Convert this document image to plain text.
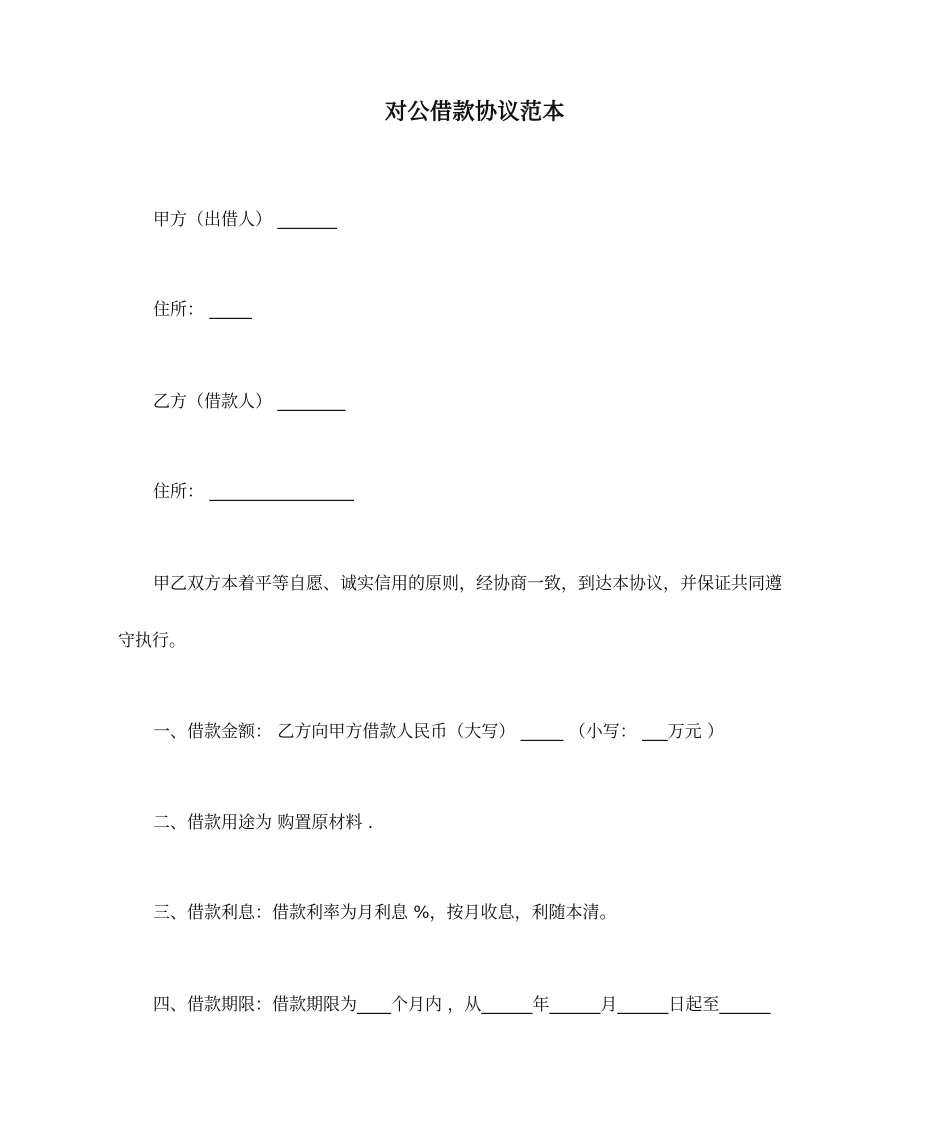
对公借款协议范本
甲方（出借人） _______
住所： _____
乙方（借款人） ________
住所： _________________
甲乙双方本着平等自愿、诚实信用的原则，经协商一致，到达本协议，并保证共同遵
守执行。
一、借款金额： 乙方向甲方借款人民币（大写） _____ （小写： ___万元 ）
二、借款用途为 购置原材料 .
三、借款利息：借款利率为月利息 %，按月收息，利随本清。
四、借款期限：借款期限为____个月内 ，从______年______月______日起至______
